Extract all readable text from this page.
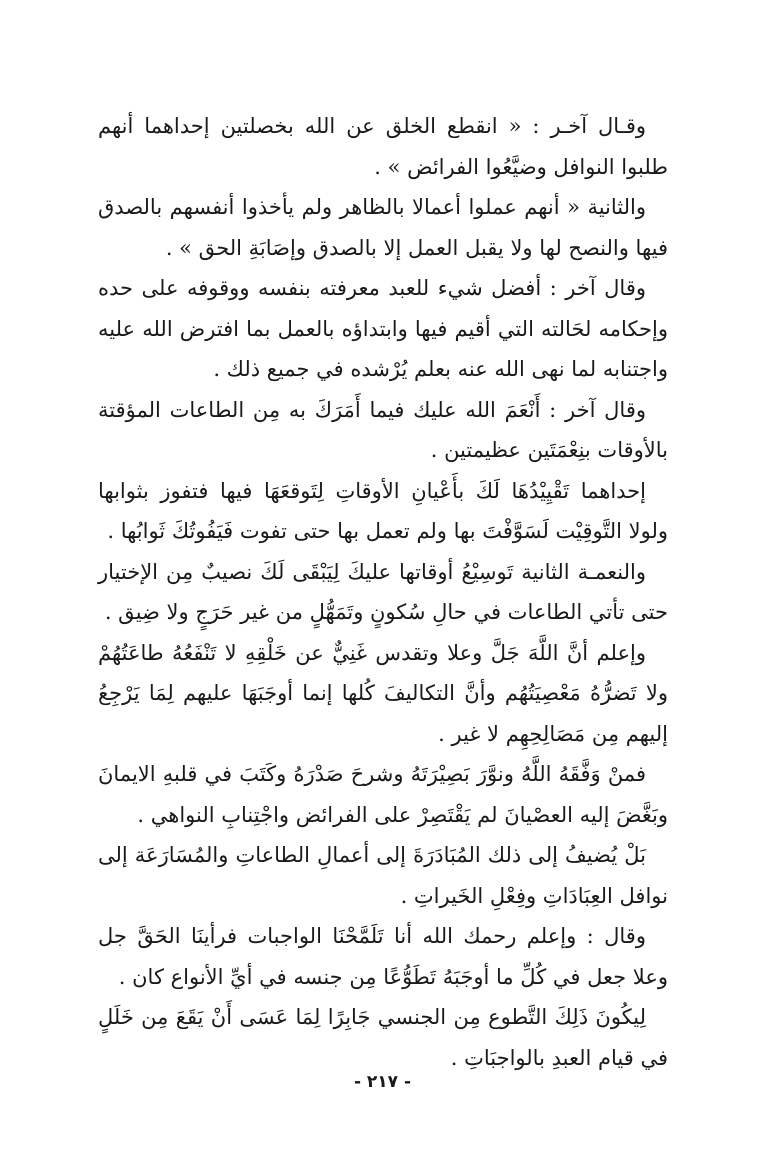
وقـال آخـر : « انقطع الخلق عن الله بخصلتين إحداهما أنهم طلبوا النوافل وضيَّعُوا الفرائض » .

والثانية « أنهم عملوا أعمالا بالظاهر ولم يأخذوا أنفسهم بالصدق فيها والنصح لها ولا يقبل العمل إلا بالصدق وإصَابَةِ الحق » .

وقال آخر : أفضل شيء للعبد معرفته بنفسه ووقوفه على حده وإحكامه لحَالته التي أقيم فيها وابتداؤه بالعمل بما افترض الله عليه واجتنابه لما نهى الله عنه بعلم يُرْشده في جميع ذلك .

وقال آخر : أَنْعَمَ الله عليك فيما أَمَرَكَ به مِن الطاعات المؤقتة بالأوقات بنِعْمَتَين عظيمتين .

إحداهما تَقْيِيْدُهَا لَكَ بأَعْيانِ الأوقاتِ لِتَوقعَهَا فيها فتفوز بثوابها ولولا التَّوقِيْت لَسَوَّفْتَ بها ولم تعمل بها حتى تفوت فَيَفُوتُكَ ثَوابُها .

والنعمـة الثانية تَوسِيْعُ أوقاتها عليكَ لِيَبْقَى لَكَ نصيبٌ مِن الإختيار حتى تأتي الطاعات في حالِ سُكونٍ وتَمَهُّلٍ من غير حَرَجٍ ولا ضِيق .

وإعلم أنَّ اللَّهَ جَلَّ وعلا وتقدس غَنِيٌّ عن خَلْقِهِ لا تَنْفَعُهُ طاعَتُهُمْ ولا تَضرُّهُ مَعْصِيَتُهُم وأنَّ التكاليفَ كُلها إنما أوجَبَهَا عليهم لِمَا يَرْجِعُ إليهم مِن مَصَالِحِهِم لا غير .

فمنْ وَفَّقَهُ اللَّهُ ونوَّرَ بَصِيْرَتَهُ وشرحَ صَدْرَهُ وكَتَبَ في قلبهِ الايمانَ وبَغَّضَ إليه العصْيانَ لم يَقْتَصِرْ على الفرائض واجْتِنابِ النواهي .

بَلْ يُضيفُ إلى ذلك المُبَادَرَةَ إلى أعمالِ الطاعاتِ والمُسَارَعَة إلى نوافل العِبَادَاتِ وفِعْلِ الخَيراتِ .

وقال : وإعلم رحمك الله أنا تَلَمَّحْنَا الواجبات فرأينَا الحَقَّ جل وعلا جعل في كُلِّ ما أوجَبَهُ تَطَوُّعًا مِن جنسه في أيِّ الأنواع كان .

لِيكُونَ ذَلِكَ التَّطوع مِن الجنسي جَابِرًا لِمَا عَسَى أَنْ يَقَعَ مِن خَلَلٍ في قيام العبدِ بالواجبَاتِ .

- ٢١٧ -
